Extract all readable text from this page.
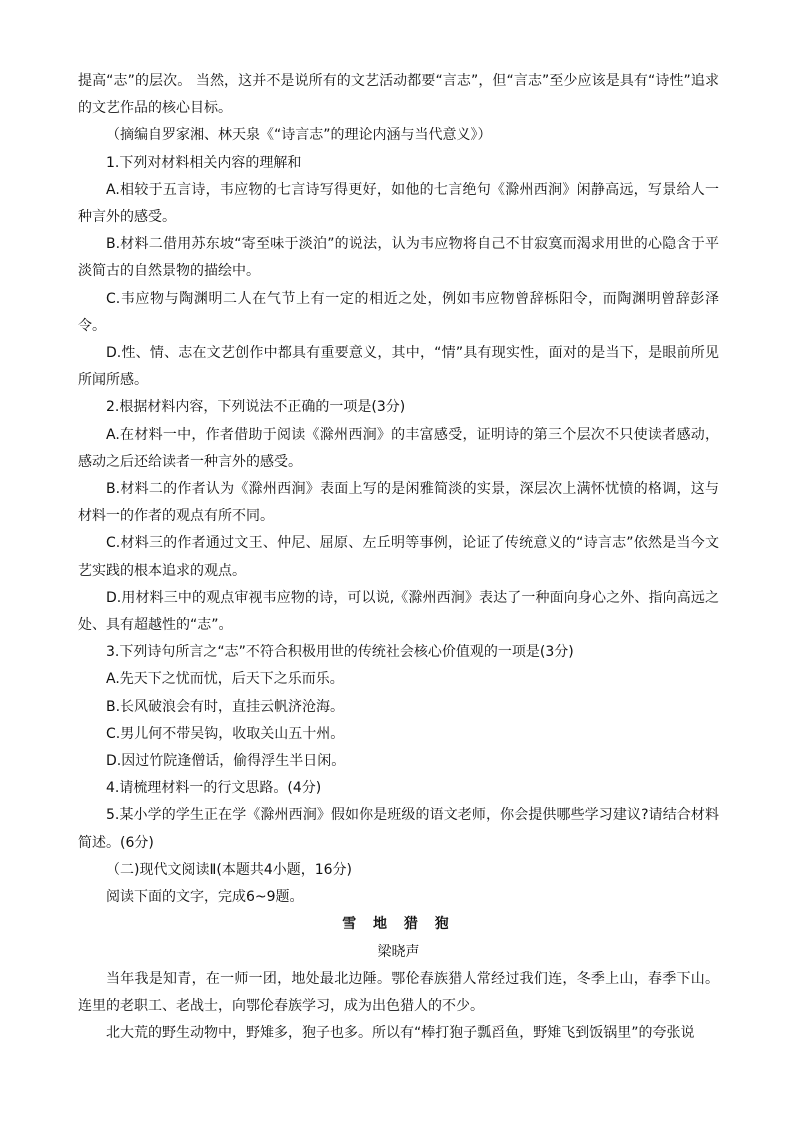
提高“志”的层次。 当然，这并不是说所有的文艺活动都要“言志”，但“言志”至少应该是具有“诗性”追求的文艺作品的核心目标。

（摘编自罗家湘、林天泉《“诗言志”的理论内涵与当代意义》）

1.下列对材料相关内容的理解和

A.相较于五言诗，韦应物的七言诗写得更好，如他的七言绝句《滁州西涧》闲静高远，写景给人一种言外的感受。

B.材料二借用苏东坡“寄至味于淡泊”的说法，认为韦应物将自己不甘寂寞而渴求用世的心隐含于平淡简古的自然景物的描绘中。

C.韦应物与陶渊明二人在气节上有一定的相近之处，例如韦应物曾辞栎阳令，而陶渊明曾辞彭泽令。

D.性、情、志在文艺创作中都具有重要意义，其中，“情”具有现实性，面对的是当下，是眼前所见所闻所感。

2.根据材料内容，下列说法不正确的一项是(3分)

A.在材料一中，作者借助于阅读《滁州西涧》的丰富感受，证明诗的第三个层次不只使读者感动，感动之后还给读者一种言外的感受。

B.材料二的作者认为《滁州西涧》表面上写的是闲雅简淡的实景，深层次上满怀忧愤的格调，这与材料一的作者的观点有所不同。

C.材料三的作者通过文王、仲尼、屈原、左丘明等事例，论证了传统意义的“诗言志”依然是当今文艺实践的根本追求的观点。

D.用材料三中的观点审视韦应物的诗，可以说,《滁州西涧》表达了一种面向身心之外、指向高远之处、具有超越性的“志”。

3.下列诗句所言之“志”不符合积极用世的传统社会核心价值观的一项是(3分)

A.先天下之忧而忧，后天下之乐而乐。

B.长风破浪会有时，直挂云帆济沧海。

C.男儿何不带吴钩，收取关山五十州。

D.因过竹院逢僧话，偷得浮生半日闲。

4.请梳理材料一的行文思路。(4分)

5.某小学的学生正在学《滁州西涧》假如你是班级的语文老师，你会提供哪些学习建议?请结合材料简述。(6分)

（二)现代文阅读Ⅱ(本题共4小题，16分)

阅读下面的文字，完成6~9题。

雪 地 猎 狍

梁晓声

当年我是知青，在一师一团，地处最北边陲。鄂伦春族猎人常经过我们连，冬季上山，春季下山。连里的老职工、老战士，向鄂伦春族学习，成为出色猎人的不少。

北大荒的野生动物中，野雉多，狍子也多。所以有“棒打狍子瓢舀鱼，野雉飞到饭锅里”的夸张说
